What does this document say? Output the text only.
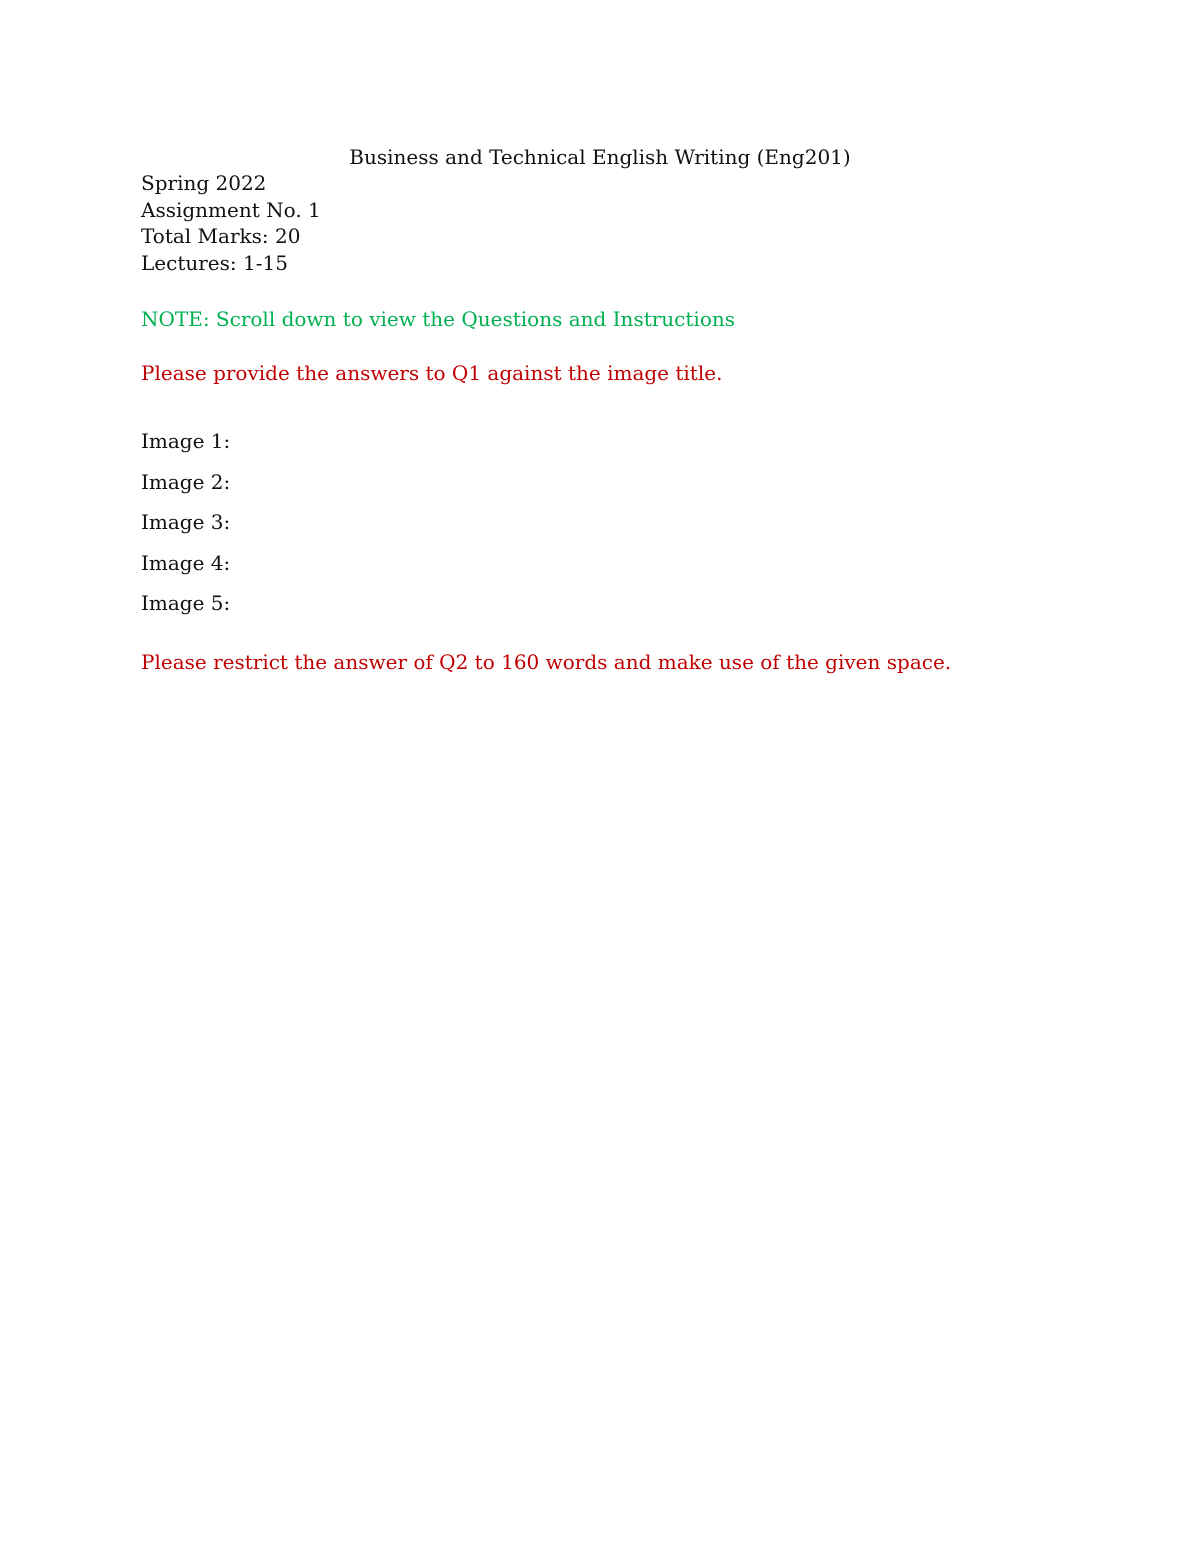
Business and Technical English Writing (Eng201)
Spring 2022
Assignment No. 1
Total Marks: 20
Lectures: 1-15
NOTE: Scroll down to view the Questions and Instructions
Please provide the answers to Q1 against the image title.
Image 1:
Image 2:
Image 3:
Image 4:
Image 5:
Please restrict the answer of Q2 to 160 words and make use of the given space.
